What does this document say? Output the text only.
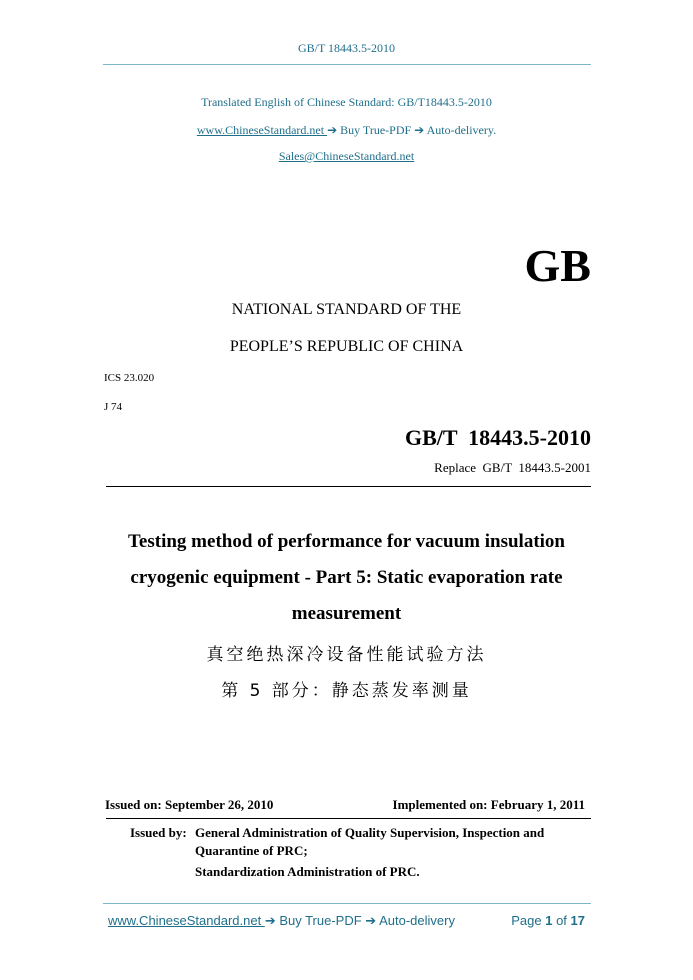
GB/T 18443.5-2010
Translated English of Chinese Standard: GB/T18443.5-2010
www.ChineseStandard.net ➔ Buy True-PDF ➔ Auto-delivery.
Sales@ChineseStandard.net
GB
NATIONAL STANDARD OF THE
PEOPLE’S REPUBLIC OF CHINA
ICS 23.020
J 74
GB/T  18443.5-2010
Replace  GB/T  18443.5-2001
Testing method of performance for vacuum insulation
cryogenic equipment - Part 5: Static evaporation rate
measurement
真空绝热深冷设备性能试验方法
第 5 部分：静态蒸发率测量
Issued on: September 26, 2010	Implemented on: February 1, 2011
Issued by: General Administration of Quality Supervision, Inspection and
Quarantine of PRC;
Standardization Administration of PRC.
www.ChineseStandard.net ➔ Buy True-PDF ➔ Auto-delivery	Page 1 of 17
